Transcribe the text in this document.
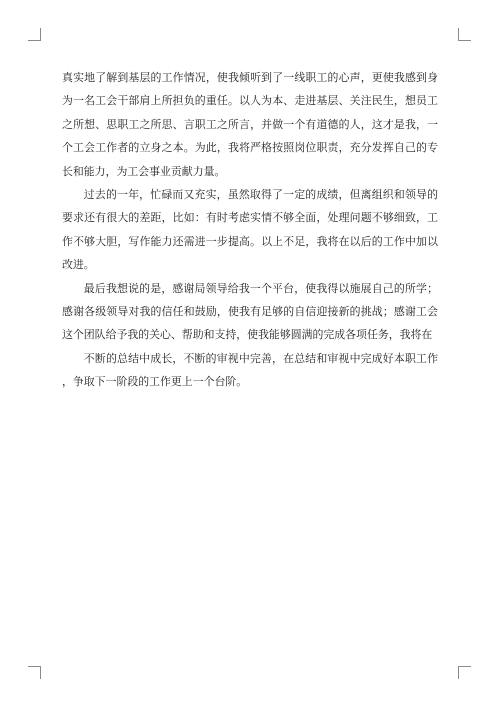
真实地了解到基层的工作情况，使我倾听到了一线职工的心声，更使我感到身为一名工会干部肩上所担负的重任。以人为本、走进基层、关注民生，想员工之所想、思职工之所思、言职工之所言，并做一个有道德的人，这才是我，一个工会工作者的立身之本。为此，我将严格按照岗位职责，充分发挥自己的专长和能力，为工会事业贡献力量。

过去的一年，忙碌而又充实，虽然取得了一定的成绩，但离组织和领导的要求还有很大的差距，比如：有时考虑实情不够全面，处理问题不够细致，工作不够大胆，写作能力还需进一步提高。以上不足，我将在以后的工作中加以改进。

最后我想说的是，感谢局领导给我一个平台，使我得以施展自己的所学；感谢各级领导对我的信任和鼓励，使我有足够的自信迎接新的挑战；感谢工会这个团队给予我的关心、帮助和支持，使我能够圆满的完成各项任务，我将在

不断的总结中成长，不断的审视中完善，在总结和审视中完成好本职工作，争取下一阶段的工作更上一个台阶。
